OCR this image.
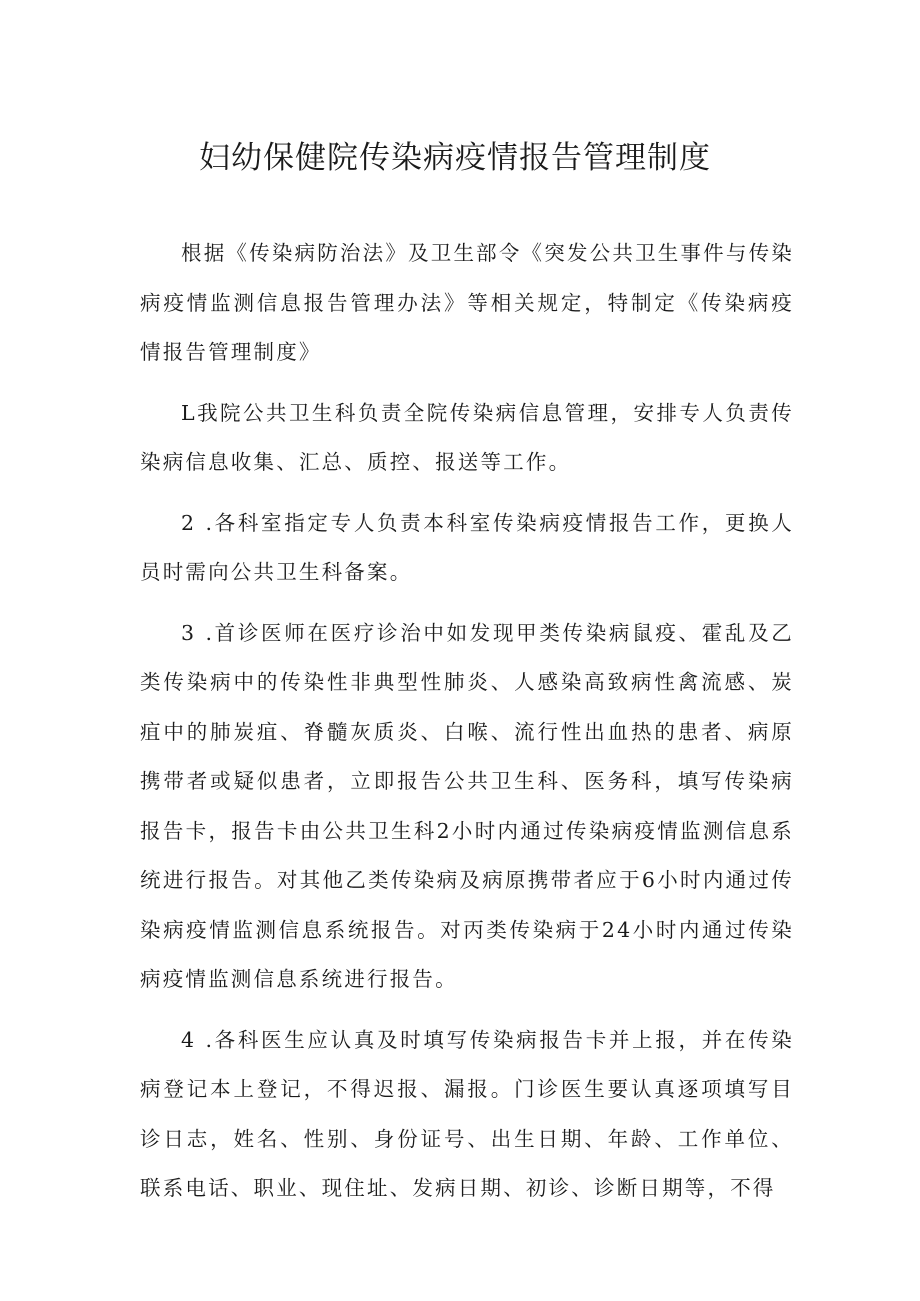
妇幼保健院传染病疫情报告管理制度

根据《传染病防治法》及卫生部令《突发公共卫生事件与传染病疫情监测信息报告管理办法》等相关规定，特制定《传染病疫情报告管理制度》

L我院公共卫生科负责全院传染病信息管理，安排专人负责传染病信息收集、汇总、质控、报送等工作。

2 .各科室指定专人负责本科室传染病疫情报告工作，更换人员时需向公共卫生科备案。

3 .首诊医师在医疗诊治中如发现甲类传染病鼠疫、霍乱及乙类传染病中的传染性非典型性肺炎、人感染高致病性禽流感、炭疽中的肺炭疽、脊髓灰质炎、白喉、流行性出血热的患者、病原携带者或疑似患者，立即报告公共卫生科、医务科，填写传染病报告卡，报告卡由公共卫生科2小时内通过传染病疫情监测信息系统进行报告。对其他乙类传染病及病原携带者应于6小时内通过传染病疫情监测信息系统报告。对丙类传染病于24小时内通过传染病疫情监测信息系统进行报告。

4 .各科医生应认真及时填写传染病报告卡并上报，并在传染病登记本上登记，不得迟报、漏报。门诊医生要认真逐项填写目诊日志，姓名、性别、身份证号、出生日期、年龄、工作单位、联系电话、职业、现住址、发病日期、初诊、诊断日期等，不得
